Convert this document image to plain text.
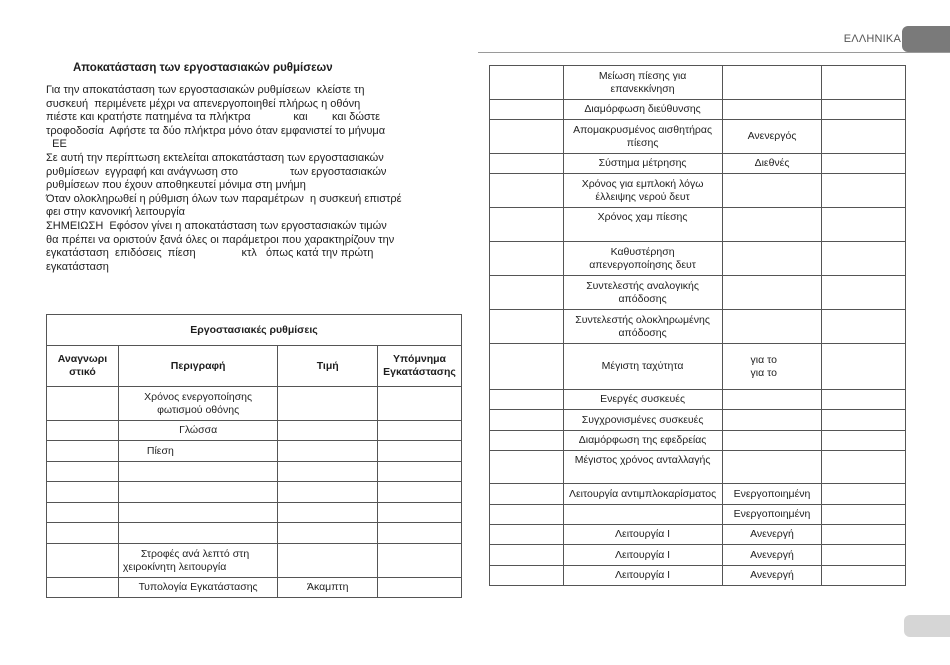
ΕΛΛΗΝΙΚΑ
Αποκατάσταση των εργοστασιακών ρυθμίσεων
Για την αποκατάσταση των εργοστασιακών ρυθμίσεων  κλείστε τη
συσκευή  περιμένετε μέχρι να απενεργοποιηθεί πλήρως η οθόνη
πιέστε και κρατήστε πατημένα τα πλήκτρα              και        και δώστε
τροφοδοσία  Αφήστε τα δύο πλήκτρα μόνο όταν εμφανιστεί το μήνυμα
ΕΕ
Σε αυτή την περίπτωση εκτελείται αποκατάσταση των εργοστασιακών
ρυθμίσεων  εγγραφή και ανάγνωση στο                 των εργοστασιακών
ρυθμίσεων που έχουν αποθηκευτεί μόνιμα στη μνήμη
Όταν ολοκληρωθεί η ρύθμιση όλων των παραμέτρων  η συσκευή επιστρέ
φει στην κανονική λειτουργία
ΣΗΜΕΙΩΣΗ  Εφόσον γίνει η αποκατάσταση των εργοστασιακών τιμών
θα πρέπει να οριστούν ξανά όλες οι παράμετροι που χαρακτηρίζουν την
εγκατάσταση  επιδόσεις  πίεση               κτλ   όπως κατά την πρώτη
εγκατάσταση
Εργοστασιακές ρυθμίσεις			
Αναγνωρι
στικό	Περιγραφή	Τιμή	Υπόμνημα
Εγκατάστασης
	Χρόνος ενεργοποίησης
φωτισμού οθόνης		
	Γλώσσα		
	Πίεση		

	Στροφές ανά λεπτό στη
χειροκίνητη λειτουργία		
	Τυπολογία Εγκατάστασης	Άκαμπτη	
	Μείωση πίεσης για
επανεκκίνηση		
	Διαμόρφωση διεύθυνσης		
	Απομακρυσμένος αισθητήρας
πίεσης	Ανενεργός	
	Σύστημα μέτρησης	Διεθνές	
	Χρόνος για εμπλοκή λόγω
έλλειψης νερού δευτ		
	Χρόνος χαμ πίεσης		
	Καθυστέρηση
απενεργοποίησης δευτ		
	Συντελεστής αναλογικής
απόδοσης		
	Συντελεστής ολοκληρωμένης
απόδοσης		
	Μέγιστη ταχύτητα	για το
για το	
	Ενεργές συσκευές		
	Συγχρονισμένες συσκευές		
	Διαμόρφωση της εφεδρείας		
	Μέγιστος χρόνος ανταλλαγής		
	Λειτουργία αντιμπλοκαρίσματος	Ενεργοποιημένη	
		Ενεργοποιημένη	
	Λειτουργία Ι	Ανενεργή	
	Λειτουργία Ι	Ανενεργή	
	Λειτουργία Ι	Ανενεργή	
